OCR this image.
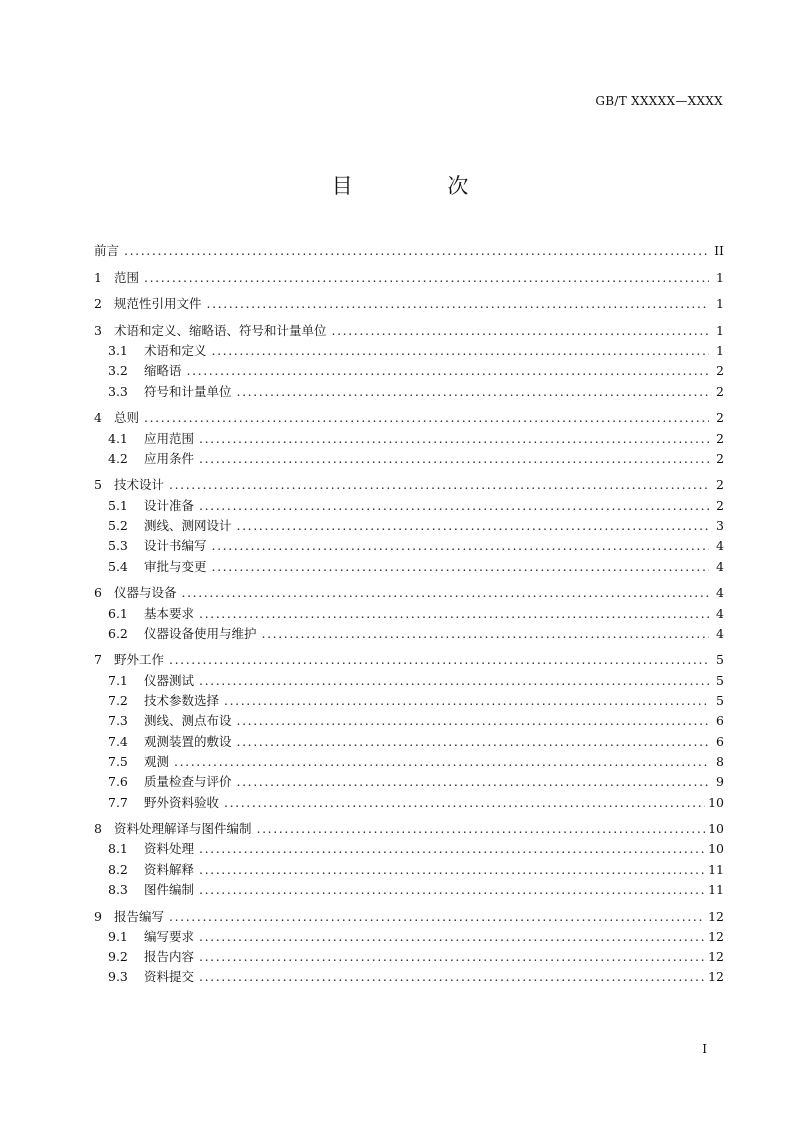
GB/T XXXXX—XXXX
目 次
前言 .....	II
1 范围 .....	1
2 规范性引用文件 .....	1
3 术语和定义、缩略语、符号和计量单位 .....	1
3.1	术语和定义 .....	1
3.2	缩略语 .....	2
3.3	符号和计量单位 .....	2
4 总则 .....	2
4.1	应用范围 .....	2
4.2	应用条件 .....	2
5 技术设计 .....	2
5.1	设计准备 .....	2
5.2	测线、测网设计 .....	3
5.3	设计书编写 .....	4
5.4	审批与变更 .....	4
6 仪器与设备 .....	4
6.1	基本要求 .....	4
6.2	仪器设备使用与维护 .....	4
7 野外工作 .....	5
7.1	仪器测试 .....	5
7.2	技术参数选择 .....	5
7.3	测线、测点布设 .....	6
7.4	观测装置的敷设 .....	6
7.5	观测 .....	8
7.6	质量检查与评价 .....	9
7.7	野外资料验收 .....	10
8 资料处理解译与图件编制 .....	10
8.1	资料处理 .....	10
8.2	资料解释 .....	11
8.3	图件编制 .....	11
9 报告编写 .....	12
9.1	编写要求 .....	12
9.2	报告内容 .....	12
9.3	资料提交 .....	12
I
